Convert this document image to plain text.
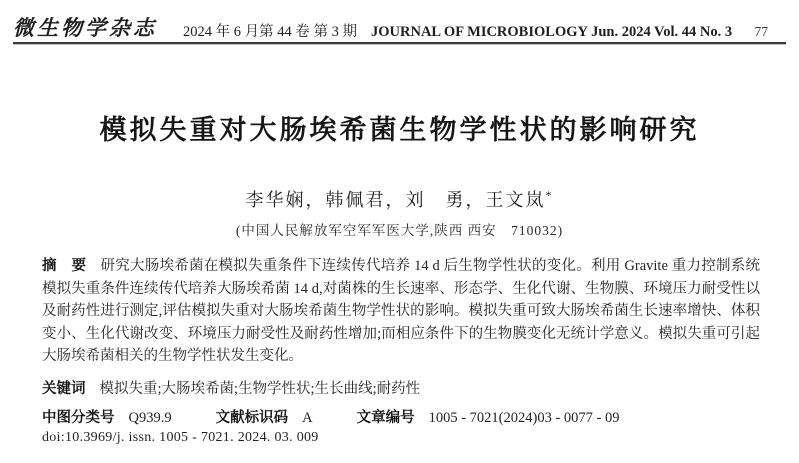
微生物学杂志 2024 年 6 月第 44 卷 第 3 期 JOURNAL OF MICROBIOLOGY Jun. 2024 Vol. 44 No. 3 77
模拟失重对大肠埃希菌生物学性状的影响研究
李华娴，韩佩君，刘　勇，王文岚*
(中国人民解放军空军军医大学,陕西 西安　710032)

摘　要 研究大肠埃希菌在模拟失重条件下连续传代培养 14 d 后生物学性状的变化。利用 Gravite 重力控制系统模拟失重条件连续传代培养大肠埃希菌 14 d,对菌株的生长速率、形态学、生化代谢、生物膜、环境压力耐受性以及耐药性进行测定,评估模拟失重对大肠埃希菌生物学性状的影响。模拟失重可致大肠埃希菌生长速率增快、体积变小、生化代谢改变、环境压力耐受性及耐药性增加;而相应条件下的生物膜变化无统计学意义。模拟失重可引起大肠埃希菌相关的生物学性状发生变化。

关键词 模拟失重;大肠埃希菌;生物学性状;生长曲线;耐药性

中图分类号 Q939.9	文献标识码 A	文章编号 1005 - 7021(2024)03 - 0077 - 09

doi:10.3969/j. issn. 1005 - 7021. 2024. 03. 009
